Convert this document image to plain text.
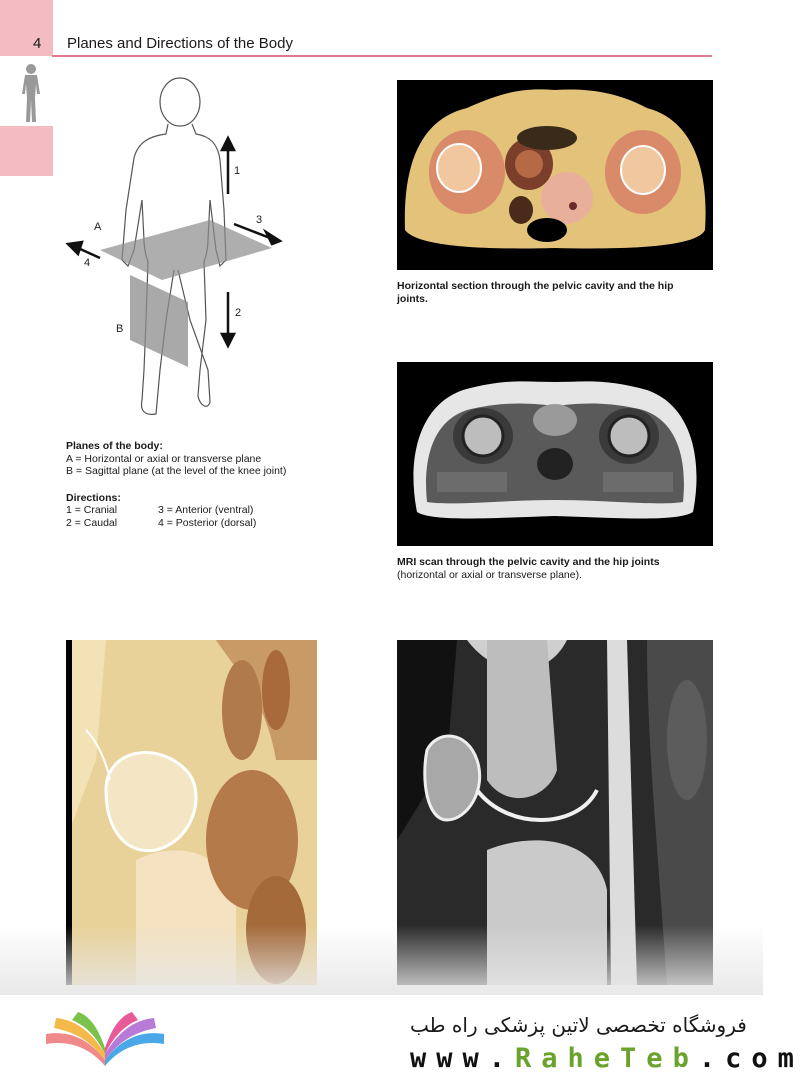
4 Planes and Directions of the Body
A
B
1
2
3
4
Planes of the body:
A = Horizontal or axial or transverse plane
B = Sagittal plane (at the level of the knee joint)
Directions:
1 = Cranial	3 = Anterior (ventral)
2 = Caudal	4 = Posterior (dorsal)
Horizontal section through the pelvic cavity and the hip joints.
MRI scan through the pelvic cavity and the hip joints
(horizontal or axial or transverse plane).
فروشگاه تخصصی لاتین پزشکی راه طب
www.RaheTeb.com
